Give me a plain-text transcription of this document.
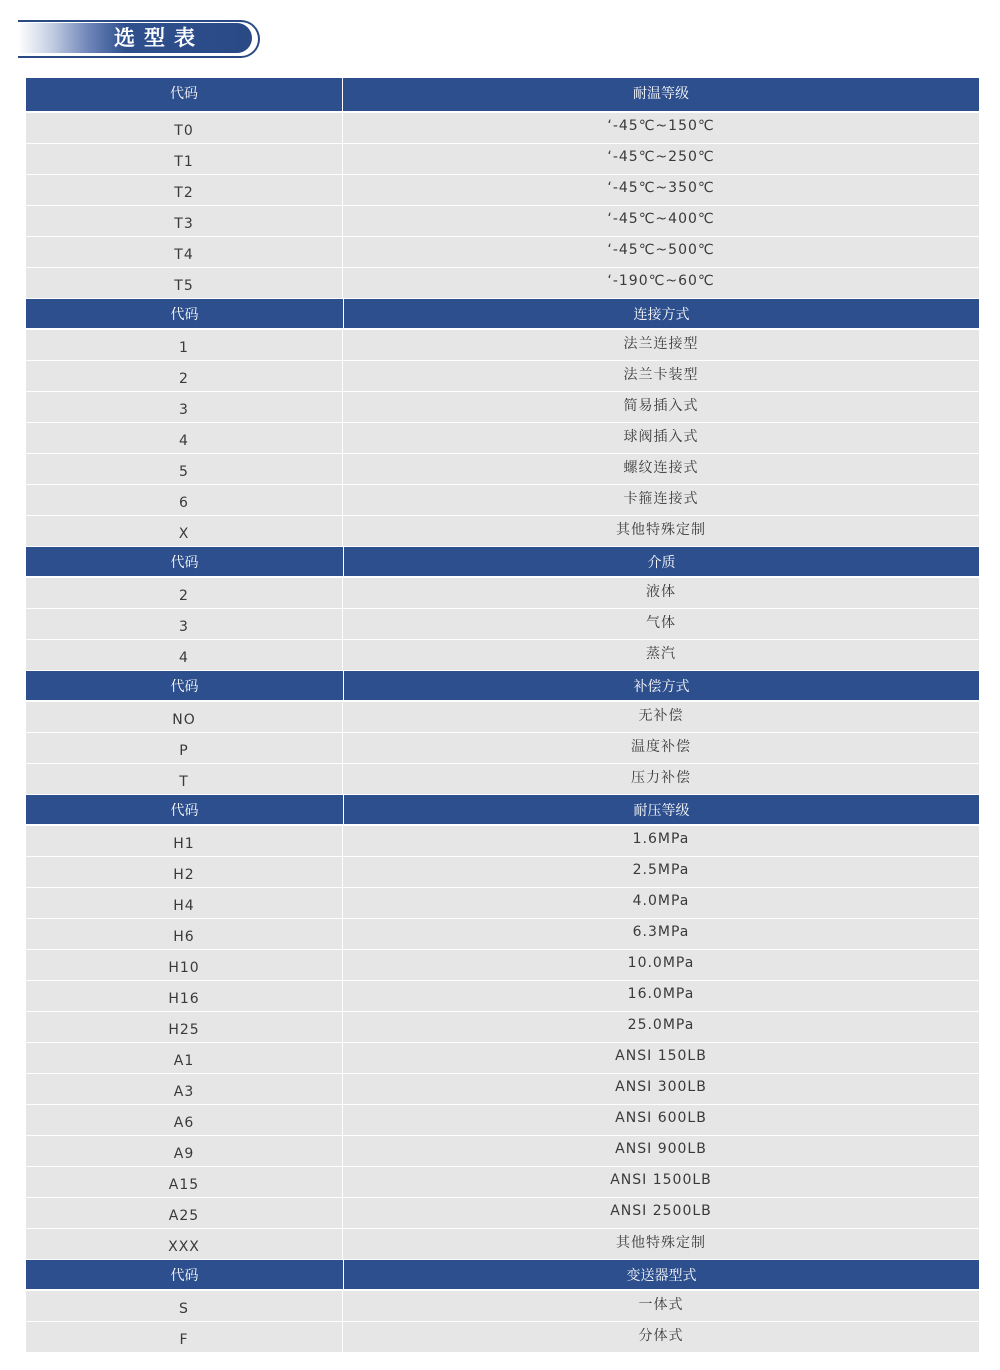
选型表
代码	耐温等级
T0	‘-45℃~150℃
T1	‘-45℃~250℃
T2	‘-45℃~350℃
T3	‘-45℃~400℃
T4	‘-45℃~500℃
T5	‘-190℃~60℃
代码	连接方式
1	法兰连接型
2	法兰卡装型
3	简易插入式
4	球阀插入式
5	螺纹连接式
6	卡箍连接式
X	其他特殊定制
代码	介质
2	液体
3	气体
4	蒸汽
代码	补偿方式
NO	无补偿
P	温度补偿
T	压力补偿
代码	耐压等级
H1	1.6MPa
H2	2.5MPa
H4	4.0MPa
H6	6.3MPa
H10	10.0MPa
H16	16.0MPa
H25	25.0MPa
A1	ANSI 150LB
A3	ANSI 300LB
A6	ANSI 600LB
A9	ANSI 900LB
A15	ANSI 1500LB
A25	ANSI 2500LB
XXX	其他特殊定制
代码	变送器型式
S	一体式
F	分体式
